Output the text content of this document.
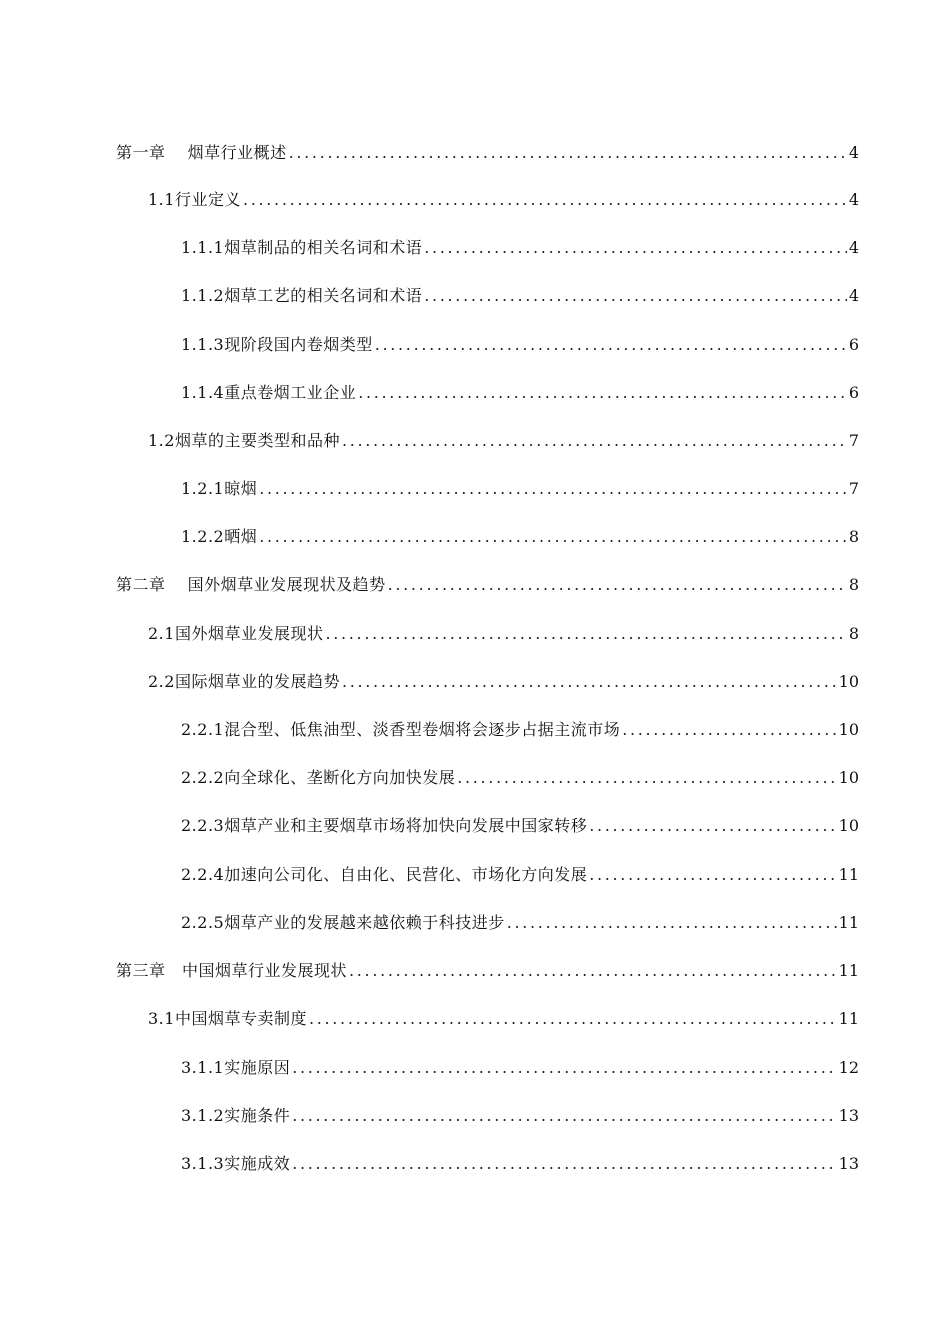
第一章　 烟草行业概述 . . .	4
1.1行业定义 . . .	4
1.1.1烟草制品的相关名词和术语 . . .	4
1.1.2烟草工艺的相关名词和术语 . . .	4
1.1.3现阶段国内卷烟类型 . . .	6
1.1.4重点卷烟工业企业 . . .	6
1.2烟草的主要类型和品种 . . .	7
1.2.1晾烟 . . .	7
1.2.2晒烟 . . .	8
第二章　 国外烟草业发展现状及趋势 . . .	8
2.1国外烟草业发展现状 . . .	8
2.2国际烟草业的发展趋势 . . .	10
2.2.1混合型、低焦油型、淡香型卷烟将会逐步占据主流市场 . . .	10
2.2.2向全球化、垄断化方向加快发展 . . .	10
2.2.3烟草产业和主要烟草市场将加快向发展中国家转移 . . .	10
2.2.4加速向公司化、自由化、民营化、市场化方向发展 . . .	11
2.2.5烟草产业的发展越来越依赖于科技进步 . . .	11
第三章　中国烟草行业发展现状 . . .	11
3.1中国烟草专卖制度 . . .	11
3.1.1实施原因 . . .	12
3.1.2实施条件 . . .	13
3.1.3实施成效 . . .	13
